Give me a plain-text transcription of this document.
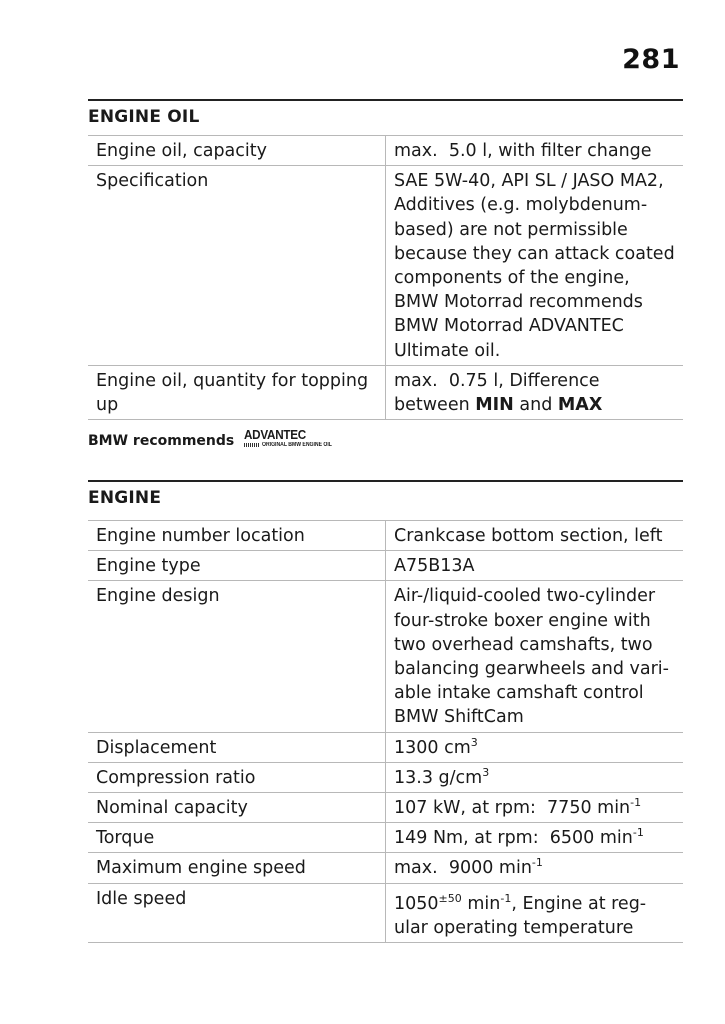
281
ENGINE OIL
Engine oil, capacity	max.  5.0 l, with filter change
Specification	SAE 5W-40, API SL / JASO MA2, Additives (e.g. molybdenum-based) are not permissible because they can attack coated components of the engine, BMW Motorrad recommends BMW Motorrad ADVANTEC Ultimate oil.
Engine oil, quantity for topping up	max.  0.75 l, Difference between MIN and MAX
BMW recommends ADVANTEC
ORIGINAL BMW ENGINE OIL
ENGINE
Engine number location	Crankcase bottom section, left
Engine type	A75B13A
Engine design	Air-/liquid-cooled two-cylinder four-stroke boxer engine with two overhead camshafts, two balancing gearwheels and vari-able intake camshaft control BMW ShiftCam
Displacement	1300 $cm^3$
Compression ratio	13.3 $g/cm^3$
Nominal capacity	107 kW, at rpm:  7750 $\min^{-1}$
Torque	149 Nm, at rpm:  6500 $\min^{-1}$
Maximum engine speed	max.  9000 $\min^{-1}$
Idle speed	$1050^{\pm 50}$ $\min^{-1}$, Engine at reg-ular operating temperature
